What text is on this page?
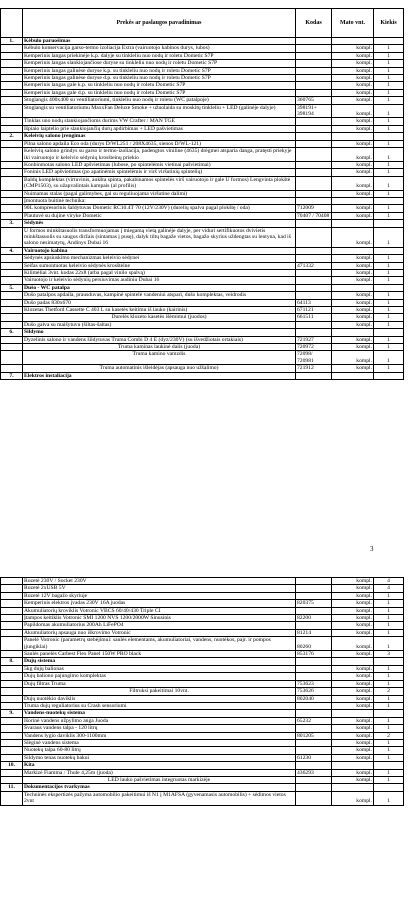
	Prekės ar paslaugos pavadinimas	Kodas	Mato vnt.	Kiekis
1.	Kėbulo paruošimas			
	Kėbulo konservacija garso-termo izoliacija Extra (vairuotojo kabinos durys, lubos)		kompl.	1
	Kemperinis langas priekinėje k.p. dalyje su tinkleliu nuo nodų ir roletu Dometic S7P		kompl.	1
	Kemperinis langas slankiojančiose duryse su tinkleliu nuo nodų ir roletu Dometic S7P		kompl.	1
	Kemperinis langas galinėse duryse k.p. su tinkleliu nuo nodų ir roletu Dometic S7P		kompl.	1
	Kemperinis langas galinėse duryse d.p. su tinkleliu nuo nodų ir roletu Dometic S7P		kompl.	1
	Kemperinis langas gale k.p. su tinkleliu nuo nodų ir roletu Dometic S7P		kompl.	1
	Kemperinis langas gale d.p. su tinkleliu nuo nodų ir roletu Dometic S7P		kompl.	1
	Stoglangis 400x400 su ventiliatoriumi, tinkleliu nuo nodų ir roletu (WC patalpoje)	360765	kompl.	1
	Stoglangis su ventiliatoriumu MaxxFan Deluxe Smoke + užuolaida su moskitų tinkleliu + LED (galinėje dalyje)	398191+ 398194	kompl.	1
	Tinklas uno nodų slankiojančioms durims VW Crafter / MAN TGE		kompl.	1
	Išpiaio laiptelio prie slankiojančių durų apdirbimas + LED pašvietimas		kompl.	1
2.	Keleivių salono įrengimas			
	Pilna salono apdaila Eco oda (durys D/WL251 / 208X4635, sienos D/WL-121)		kompl.	1
	Keleivių salono grindys su garso ir termo-izoliacija, padengtos viniline (4635) drėgmei atsparia danga, pratęsti priekyje iki vairuotojo ir keleivio sėdynių krosšteinų priekio		kompl.	1
	Konbinmotas salono LED apšvietimas (lubose, po spintelėmis vietinai pašvietimai)		kompl.	1
	Foninis LED apšvietimas (po apatinėmis spintelėmis ir virš viršutinių spintelių)		kompl.	1
	Baldų komplektas (virtuvinis, aukšta spinta, pakabinamos spintelės virš vairuotojo ir gale U formos) Lengvinta plokštė (CMP1503), su užapvalintais kampais (al profilis)		kompl.	1
	Nuimamas stalas (pagal galimybes, gal su reguliuojama viršutine dalimi)		kompl.	1
	Įmontuota buitinė technika:			
	90L kompresorinis šaldytuvas Dometic RC10.4T 70 (12V/230V) (durelių spalva pagal plokštę / oda)	712009	kompl.	1
	Plautuvė su dujine viryke Dometic	70407 / 70408	kompl.	1
3.	Sėdynės			
	U formos minkštasuolis transformuojamas į miegamą vietą galinėje dalyje, per viduri sertifikuotos dvivietis minkštasuolis su saugos diržais (sintamas į pusę), dalyk tiltų bagaže vietos, bagažo skyrius uždengtas su lentyna, kad iš salono nesimatytų, Andinys Dubai 16		kompl.	1
4.	Vairuotojo kabina			
	Sėdynės apsiuskimo mechanizmas keleivio sėdynei		kompl.	1
	Seifas sumontuotas keleivio sėdynės krosšteine	471332	kompl.	1
	Kilimėliai 3vnt. kodas 22x8 (arba pagal vinilo spalvą)		kompl.	1
	Vairuotojo ir keleivio sėdynių persiuvimas audiniu Dubai 16		kompl.	1
5.	Dušo - WC patalpa			
	Dušo patalpos apdaila, prausduvas, kampinė spintelė vandeniui atspari, dušo komplektas, veidrodis		kompl.	1
	Dušo padas 830x670	64113	kompl.	1
	Klozetas Thetford Cassette C 403 L su kasetės keitimu iš lauko (kairinis)	671121	kompl.	1
	Durelės klozeto kasetės išėmimui (juodos)	661511	kompl.	1
	Dušo galva su maišytuvu (šiltas-šaltas)		kompl.	1
6.	Šildymo			
	Dyzelinis salono ir vandens šildytuvas Truma Combi D 4 E (dyz/230V) (su išvedžiotais ortakiais)	721927	kompl.	1
	Truma kaminas laukinė dalis (juoda)	720972	kompl.	1
	Truma kamino vamzdis	72098/ 720981	kompl.	1
	Truma automatinis išleidėjas (apsauga nuo užšalimo)	721912	kompl.	1
7.	Elektros instaliacija			
3
	Rozetė 230V / Socket 230V		kompl.	4
	Rozetė 2xUSB 5V		kompl.	4
	Rozetė 12V bagažo skyriuje		kompl.	1
	Kemperinis elektros įvadas 230V 16A juodas	820375	kompl.	1
	Akumuliatorių kroviklis Votronic VBCS 60/40/430 Triple CI		kompl.	1
	Įtampos keitiklis Votronic SMI 1200 NVS 1200/2000W Sinusinis	82200	kompl.	1
	Papildomas akumuliatorius 200Ah LiFePO4		kompl.	1
	Akumuliatorių apsauga nuo iškrovimo Votronic	81214	kompl.	1
	Panelė Votronic (parametrų stebėjimui: saulės elementams, akumuliatoriai, vandens, nuotėkos, pajr. ir pompos įjungiklai)	80260	kompl.	1
	Saulės panelės Carbest Flex Panel 150W PRO black	853176	kompl.	3
8.	Dujų sistema			
	5kg dujų balionas		kompl.	1
	Dujų baliono pajungimo komplektas		kompl.	1
	Dujų filtras Truma	753623	kompl.	1
	Filtruksi pakeitimai 10vnt.	753626	kompl.	2
	Dujų nuotėkio daviklis	802040	kompl.	1
	Truma dujų reguliatorius su Crash sensoriumi		kompl.	1
9.	Vandens-nuotekų sistema			
	Išorinė vandens užpylimo anga Juoda	65232	kompl.	1
	Švaraus vandens talpa - 120 litrų		kompl.	1
	Vandens lygio daviklis 300-1100mm	801205	kompl.	2
	Slėginė vandens sistema		kompl.	1
	Nuotekų talpa 60-80 litrų		kompl.	1
	Šildymo tenas nuotekų bakui	61230	kompl.	1
10.	Kita			
	Markizė Fiamma / Thule 4,25m (juoda)	436293	kompl.	1
	LED lauko pašvietimas integruotas markizėje		kompl.	1
11.	Dokumentacijos tvarkymas			
	Techninės ekspertizės pažyma automobilio pakeitimui iš N1 į M1AFSA (gyvenamasis automobilis) + sėdimos vietos 2vnt		kompl.	1
